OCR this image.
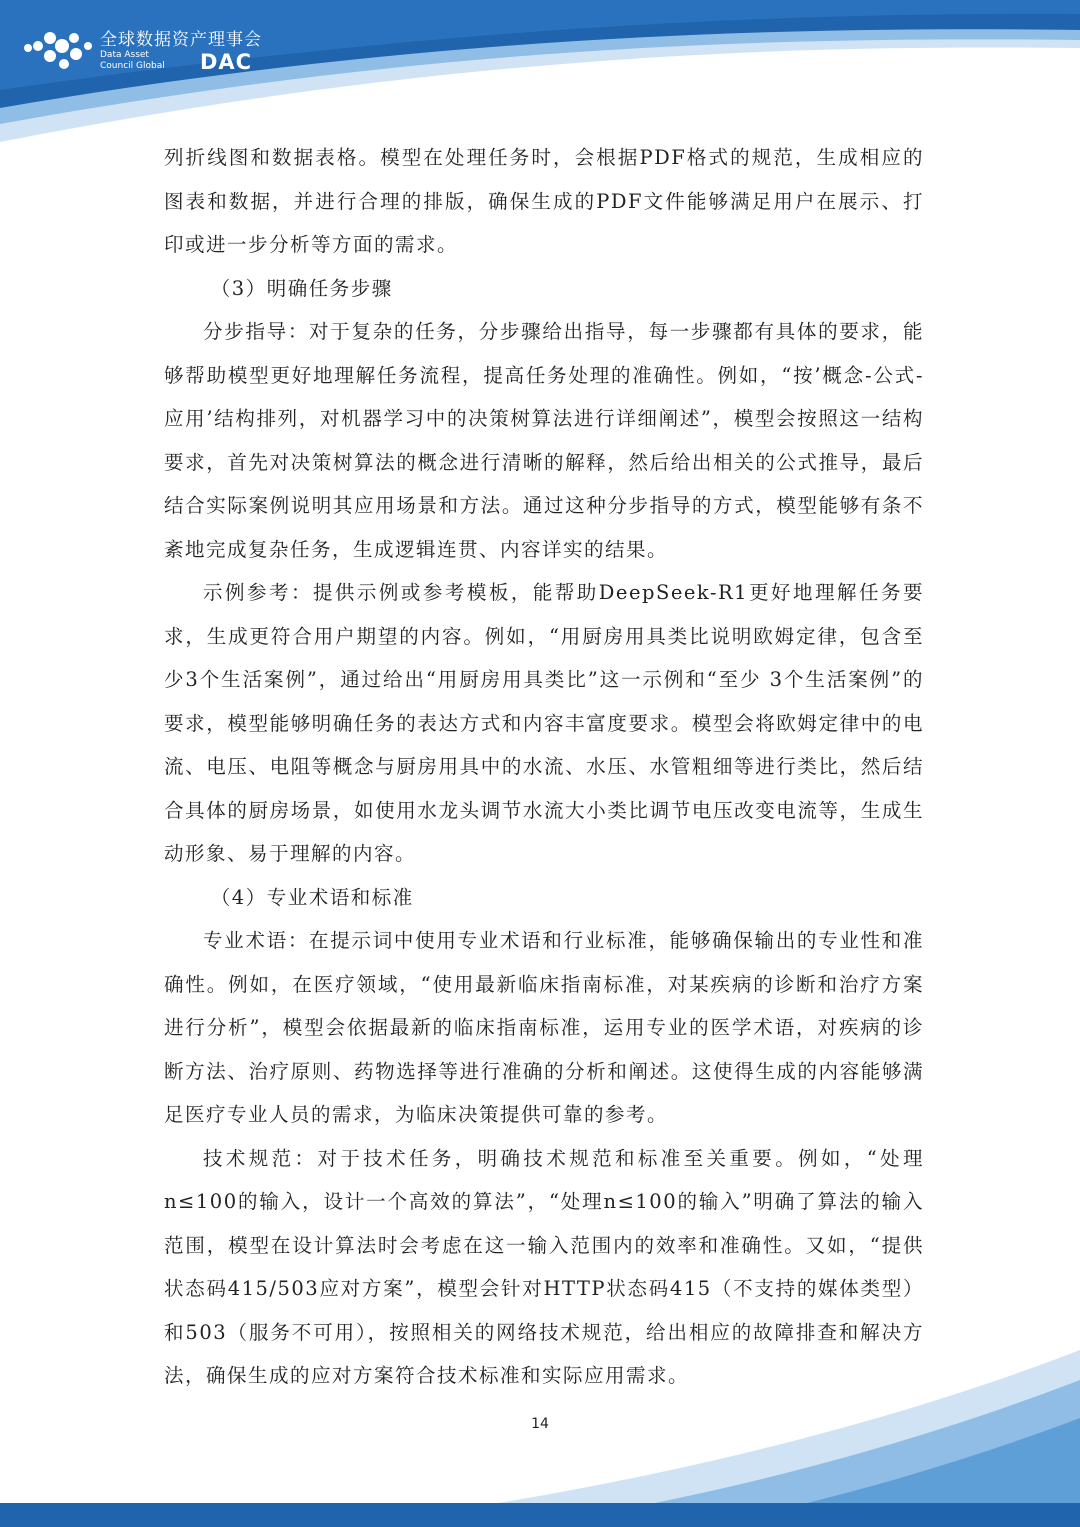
全球数据资产理事会
Data Asset
Council Global	DAC

列折线图和数据表格。模型在处理任务时，会根据PDF格式的规范，生成相应的图表和数据，并进行合理的排版，确保生成的PDF文件能够满足用户在展示、打印或进一步分析等方面的需求。

（3）明确任务步骤

分步指导：对于复杂的任务，分步骤给出指导，每一步骤都有具体的要求，能够帮助模型更好地理解任务流程，提高任务处理的准确性。例如，“按’概念-公式-应用’结构排列，对机器学习中的决策树算法进行详细阐述”，模型会按照这一结构要求，首先对决策树算法的概念进行清晰的解释，然后给出相关的公式推导，最后结合实际案例说明其应用场景和方法。通过这种分步指导的方式，模型能够有条不紊地完成复杂任务，生成逻辑连贯、内容详实的结果。

示例参考：提供示例或参考模板，能帮助DeepSeek-R1更好地理解任务要求，生成更符合用户期望的内容。例如，“用厨房用具类比说明欧姆定律，包含至少3个生活案例”，通过给出“用厨房用具类比”这一示例和“至少 3个生活案例”的要求，模型能够明确任务的表达方式和内容丰富度要求。模型会将欧姆定律中的电流、电压、电阻等概念与厨房用具中的水流、水压、水管粗细等进行类比，然后结合具体的厨房场景，如使用水龙头调节水流大小类比调节电压改变电流等，生成生动形象、易于理解的内容。

（4）专业术语和标准

专业术语：在提示词中使用专业术语和行业标准，能够确保输出的专业性和准确性。例如，在医疗领域，“使用最新临床指南标准，对某疾病的诊断和治疗方案进行分析”，模型会依据最新的临床指南标准，运用专业的医学术语，对疾病的诊断方法、治疗原则、药物选择等进行准确的分析和阐述。这使得生成的内容能够满足医疗专业人员的需求，为临床决策提供可靠的参考。

技术规范：对于技术任务，明确技术规范和标准至关重要。例如，“处理n≤100的输入，设计一个高效的算法”，“处理n≤100的输入”明确了算法的输入范围，模型在设计算法时会考虑在这一输入范围内的效率和准确性。又如，“提供状态码415/503应对方案”，模型会针对HTTP状态码415（不支持的媒体类型）和503（服务不可用），按照相关的网络技术规范，给出相应的故障排查和解决方法，确保生成的应对方案符合技术标准和实际应用需求。

14
